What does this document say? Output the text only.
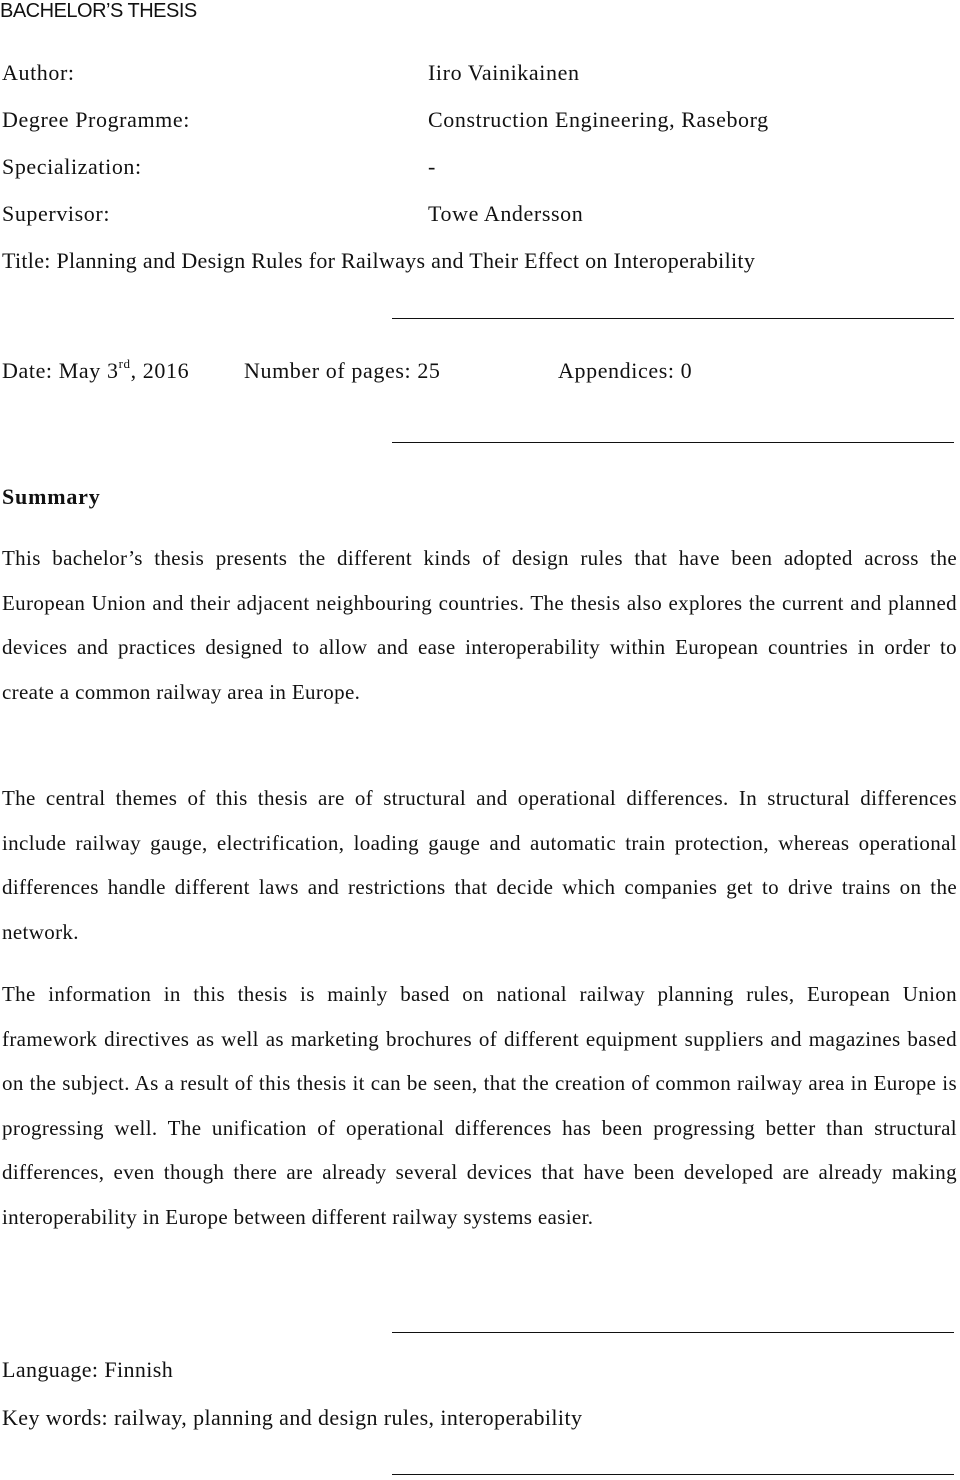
BACHELOR’S THESIS
Author:	Iiro Vainikainen
Degree Programme:	Construction Engineering, Raseborg
Specialization:	-
Supervisor:	Towe Andersson
Title: Planning and Design Rules for Railways and Their Effect on Interoperability
Date: May 3rd, 2016 Number of pages: 25	Appendices: 0
Summary
This bachelor’s thesis presents the different kinds of design rules that have been adopted across the European Union and their adjacent neighbouring countries. The thesis also explores the current and planned devices and practices designed to allow and ease interoperability within European countries in order to create a common railway area in Europe.
The central themes of this thesis are of structural and operational differences. In structural differences include railway gauge, electrification, loading gauge and automatic train protection, whereas operational differences handle different laws and restrictions that decide which companies get to drive trains on the network.
The information in this thesis is mainly based on national railway planning rules, European Union framework directives as well as marketing brochures of different equipment suppliers and magazines based on the subject. As a result of this thesis it can be seen, that the creation of common railway area in Europe is progressing well. The unification of operational differences has been progressing better than structural differences, even though there are already several devices that have been developed are already making interoperability in Europe between different railway systems easier.
Language: Finnish
Key words: railway, planning and design rules, interoperability
